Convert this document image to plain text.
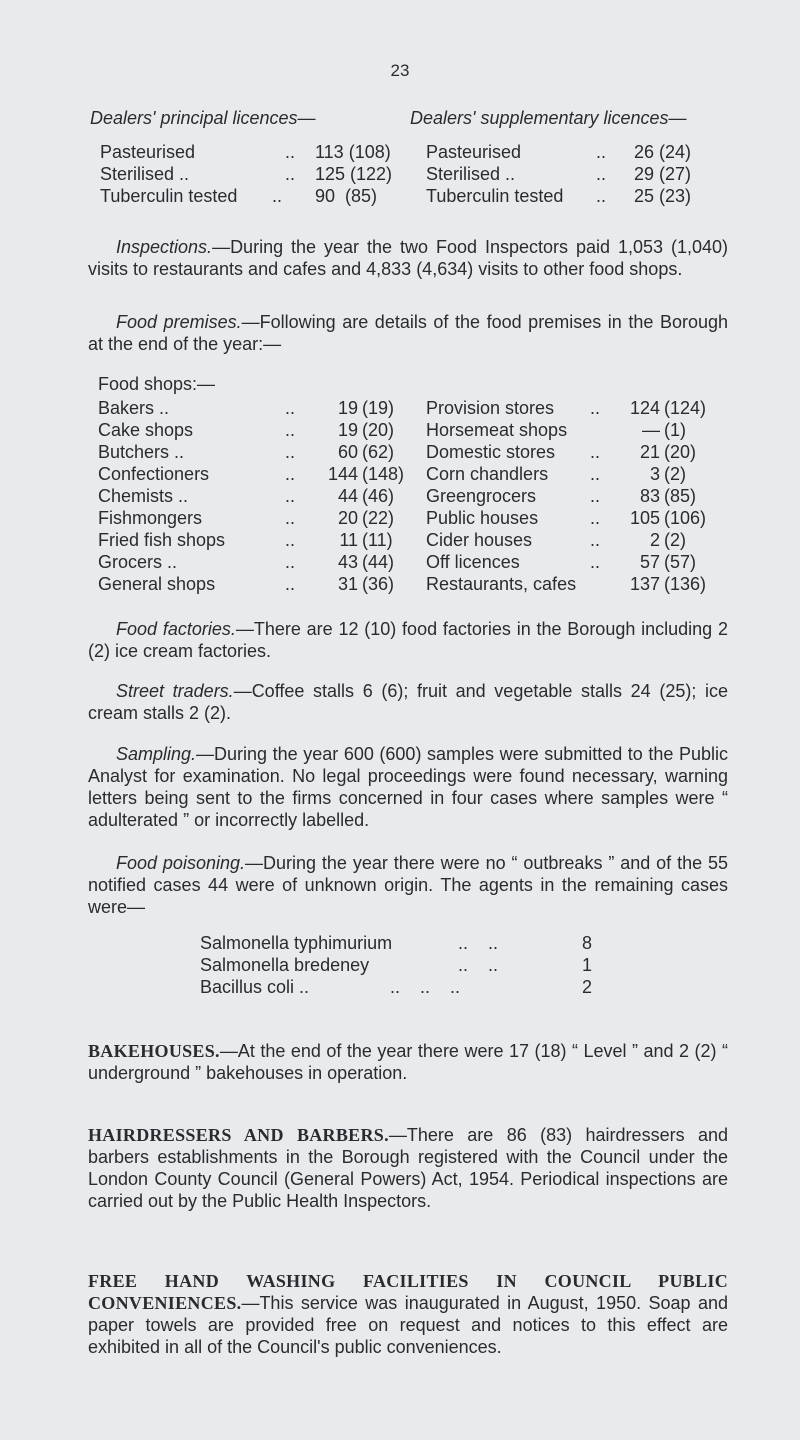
23
Dealers' principal licences—	Dealers' supplementary licences—
Pasteurised	.. 113 (108) Pasteurised	.. 26 (24)
Sterilised ..	.. 125 (122) Sterilised ..	.. 29 (27)
Tuberculin tested .. 90  (85)	Tuberculin tested .. 25 (23)
Inspections.—During the year the two Food Inspectors paid 1,053 (1,040) visits to restaurants and cafes and 4,833 (4,634) visits to other food shops.
Food premises.—Following are details of the food premises in the Borough at the end of the year:—
Food shops:—
Bakers ..	.. 19 (19) Provision stores .. 124 (124)
Cake shops	.. 19 (20) Horsemeat shops	— (1)
Butchers ..	.. 60 (62) Domestic stores .. 21 (20)
Confectioners	.. 144 (148) Corn chandlers ..	3 (2)
Chemists ..	.. 44 (46) Greengrocers	.. 83 (85)
Fishmongers	.. 20 (22) Public houses	.. 105 (106)
Fried fish shops	.. 11 (11) Cider houses	..	2 (2)
Grocers ..	.. 43 (44) Off licences	.. 57 (57)
General shops	.. 31 (36) Restaurants, cafes	137 (136)
Food factories.—There are 12 (10) food factories in the Borough including 2 (2) ice cream factories.
Street traders.—Coffee stalls 6 (6); fruit and vegetable stalls 24 (25); ice cream stalls 2 (2).
Sampling.—During the year 600 (600) samples were submitted to the Public Analyst for examination. No legal proceedings were found necessary, warning letters being sent to the firms concerned in four cases where samples were “ adulterated ” or incorrectly labelled.
Food poisoning.—During the year there were no “ outbreaks ” and of the 55 notified cases 44 were of unknown origin. The agents in the remaining cases were—
Salmonella typhimurium	..    ..	8
Salmonella bredeney	..    ..	1
Bacillus coli ..	..    ..    ..	2
BAKEHOUSES.—At the end of the year there were 17 (18) “ Level ” and 2 (2) “ underground ” bakehouses in operation.
HAIRDRESSERS AND BARBERS.—There are 86 (83) hairdressers and barbers establishments in the Borough registered with the Council under the London County Council (General Powers) Act, 1954. Periodical inspections are carried out by the Public Health Inspectors.
FREE HAND WASHING FACILITIES IN COUNCIL PUBLIC CONVENIENCES.—This service was inaugurated in August, 1950. Soap and paper towels are provided free on request and notices to this effect are exhibited in all of the Council's public conveniences.
